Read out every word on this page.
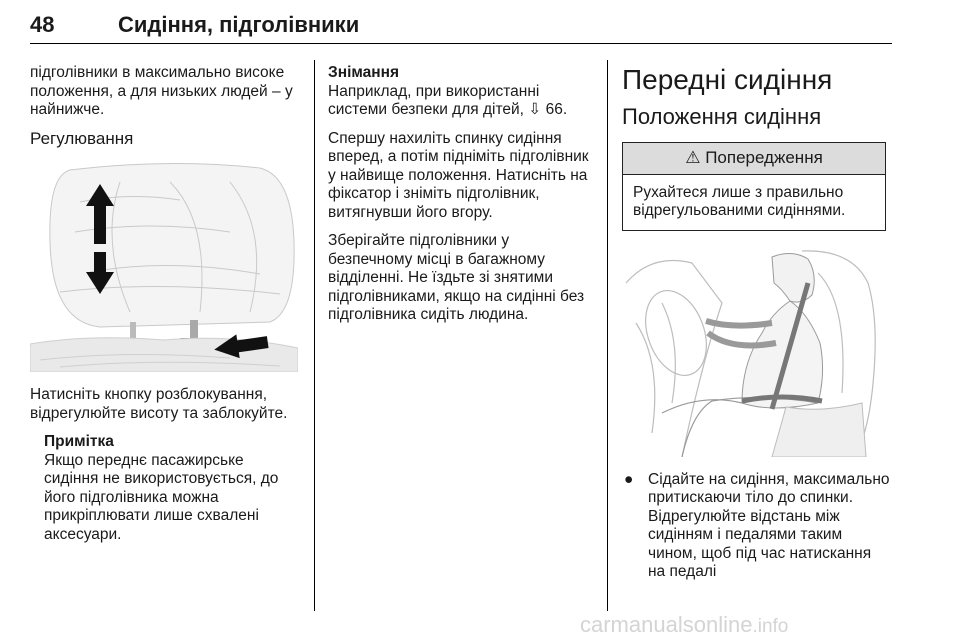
48	Сидіння, підголівники

підголівники в максимально високе положення, а для низьких людей – у найнижче.

Регулювання

Натисніть кнопку розблокування, відрегулюйте висоту та заблокуйте.

Примітка
Якщо переднє пасажирське сидіння не використовується, до його підголівника можна прикріплювати лише схвалені аксесуари.
Знімання

Наприклад, при використанні системи безпеки для дітей, ⇩ 66.

Спершу нахиліть спинку сидіння вперед, а потім підніміть підголівник у найвище положення. Натисніть на фіксатор і зніміть підголівник, витягнувши його вгору.

Зберігайте підголівники у безпечному місці в багажному відділенні. Не їздьте зі знятими підголівниками, якщо на сидінні без підголівника сидіть людина.

Передні сидіння
Положення сидіння
⚠ Попередження
Рухайтеся лише з правильно відрегульованими сидіннями.
● Сідайте на сидіння, максимально притискаючи тіло до спинки. Відрегулюйте відстань між сидінням і педалями таким чином, щоб під час натискання на педалі
carmanualsonline.info
